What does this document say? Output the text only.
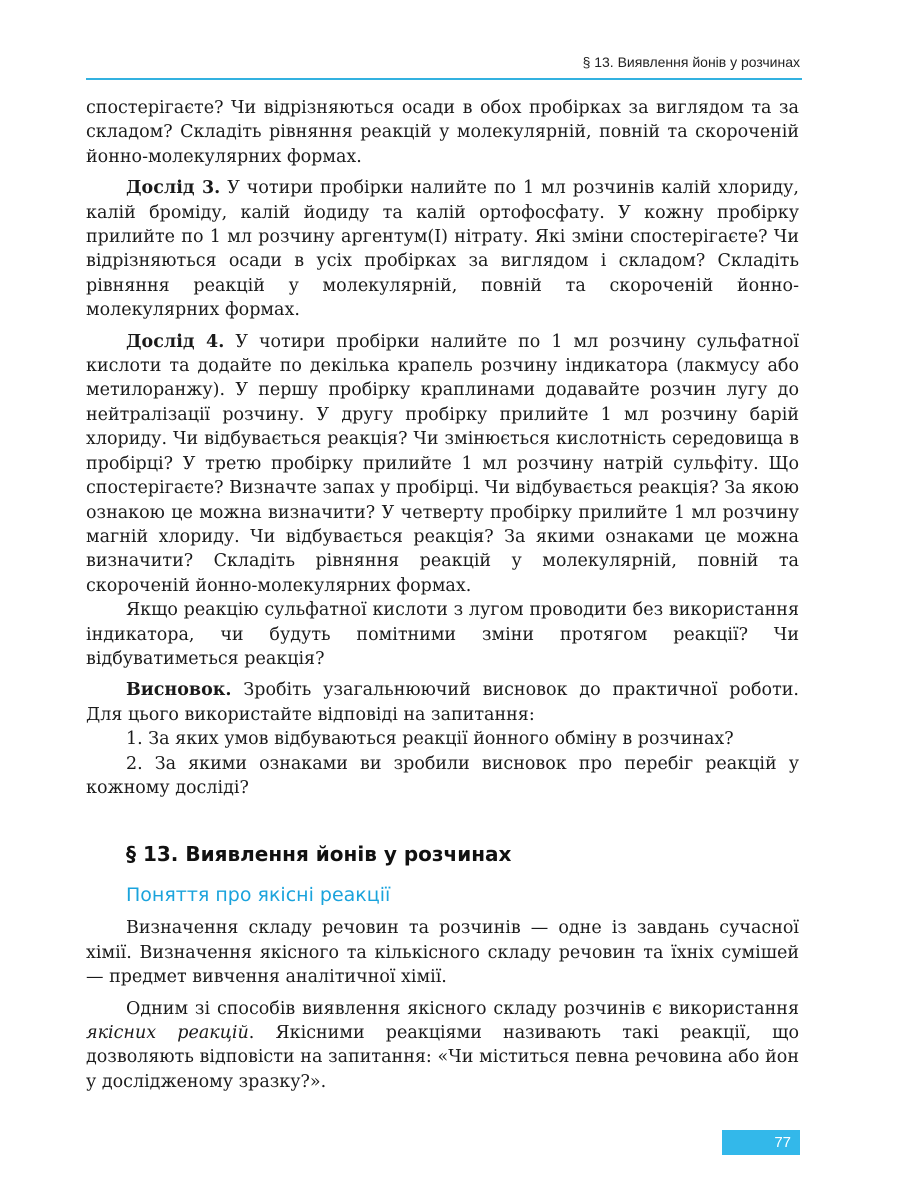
§ 13. Виявлення йонів у розчинах

спостерігаєте? Чи відрізняються осади в обох пробірках за виглядом та за складом? Складіть рівняння реакцій у молекулярній, повній та скороченій йонно-молекулярних формах.

Дослід 3. У чотири пробірки налийте по 1 мл розчинів калій хлориду, калій броміду, калій йодиду та калій ортофосфату. У кожну пробірку прилийте по 1 мл розчину аргентум(I) нітрату. Які зміни спостерігаєте? Чи відрізняються осади в усіх пробірках за виглядом і складом? Складіть рівняння реакцій у молекулярній, повній та скороченій йонно-молекулярних формах.

Дослід 4. У чотири пробірки налийте по 1 мл розчину сульфатної кислоти та додайте по декілька крапель розчину індикатора (лакмусу або метилоранжу). У першу пробірку краплинами додавайте розчин лугу до нейтралізації розчину. У другу пробірку прилийте 1 мл розчину барій хлориду. Чи відбувається реакція? Чи змінюється кислотність середовища в пробірці? У третю пробірку прилийте 1 мл розчину натрій сульфіту. Що спостерігаєте? Визначте запах у пробірці. Чи відбувається реакція? За якою ознакою це можна визначити? У четверту пробірку прилийте 1 мл розчину магній хлориду. Чи відбувається реакція? За якими ознаками це можна визначити? Складіть рівняння реакцій у молекулярній, повній та скороченій йонно-молекулярних формах.

Якщо реакцію сульфатної кислоти з лугом проводити без використання індикатора, чи будуть помітними зміни протягом реакції? Чи відбуватиметься реакція?

Висновок. Зробіть узагальнюючий висновок до практичної роботи. Для цього використайте відповіді на запитання:

1. За яких умов відбуваються реакції йонного обміну в розчинах?

2. За якими ознаками ви зробили висновок про перебіг реакцій у кожному досліді?

§ 13. Виявлення йонів у розчинах
Поняття про якісні реакції

Визначення складу речовин та розчинів — одне із завдань сучасної хімії. Визначення якісного та кількісного складу речовин та їхніх сумішей — предмет вивчення аналітичної хімії.

Одним зі способів виявлення якісного складу розчинів є використання якісних реакцій. Якісними реакціями називають такі реакції, що дозволяють відповісти на запитання: «Чи міститься певна речовина або йон у дослідженому зразку?».

77
